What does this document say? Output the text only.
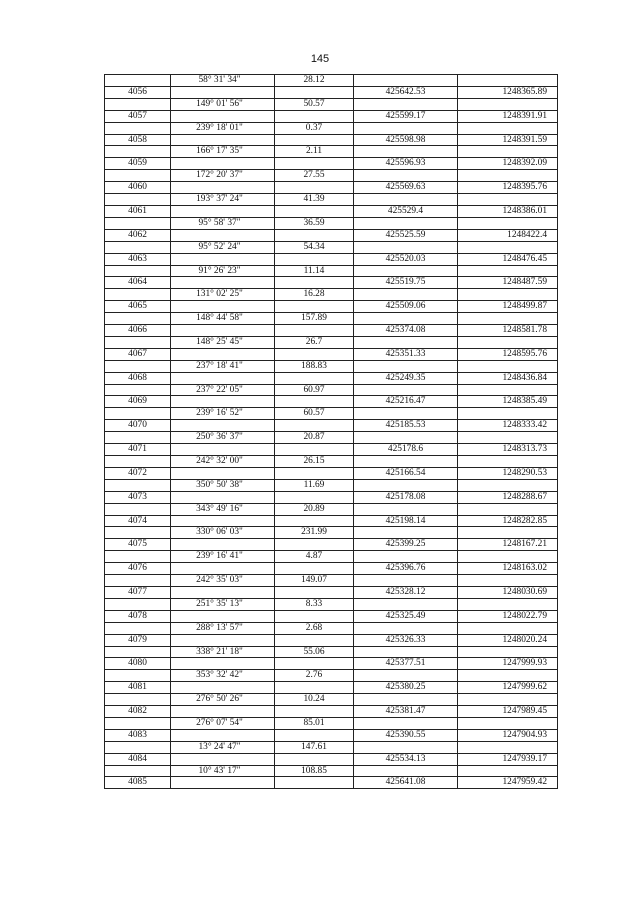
145
	58° 31' 34"	28.12		
4056			425642.53	1248365.89
	149° 01' 56"	50.57		
4057			425599.17	1248391.91
	239° 18' 01"	0.37		
4058			425598.98	1248391.59
	166° 17' 35"	2.11		
4059			425596.93	1248392.09
	172° 20' 37"	27.55		
4060			425569.63	1248395.76
	193° 37' 24"	41.39		
4061			425529.4	1248386.01
	95° 58' 37"	36.59		
4062			425525.59	1248422.4
	95° 52' 24"	54.34		
4063			425520.03	1248476.45
	91° 26' 23"	11.14		
4064			425519.75	1248487.59
	131° 02' 25"	16.28		
4065			425509.06	1248499.87
	148° 44' 58"	157.89		
4066			425374.08	1248581.78
	148° 25' 45"	26.7		
4067			425351.33	1248595.76
	237° 18' 41"	188.83		
4068			425249.35	1248436.84
	237° 22' 05"	60.97		
4069			425216.47	1248385.49
	239° 16' 52"	60.57		
4070			425185.53	1248333.42
	250° 36' 37"	20.87		
4071			425178.6	1248313.73
	242° 32' 00"	26.15		
4072			425166.54	1248290.53
	350° 50' 38"	11.69		
4073			425178.08	1248288.67
	343° 49' 16"	20.89		
4074			425198.14	1248282.85
	330° 06' 03"	231.99		
4075			425399.25	1248167.21
	239° 16' 41"	4.87		
4076			425396.76	1248163.02
	242° 35' 03"	149.07		
4077			425328.12	1248030.69
	251° 35' 13"	8.33		
4078			425325.49	1248022.79
	288° 13' 57"	2.68		
4079			425326.33	1248020.24
	338° 21' 18"	55.06		
4080			425377.51	1247999.93
	353° 32' 42"	2.76		
4081			425380.25	1247999.62
	276° 50' 26"	10.24		
4082			425381.47	1247989.45
	276° 07' 54"	85.01		
4083			425390.55	1247904.93
	13° 24' 47"	147.61		
4084			425534.13	1247939.17
	10° 43' 17"	108.85		
4085			425641.08	1247959.42
